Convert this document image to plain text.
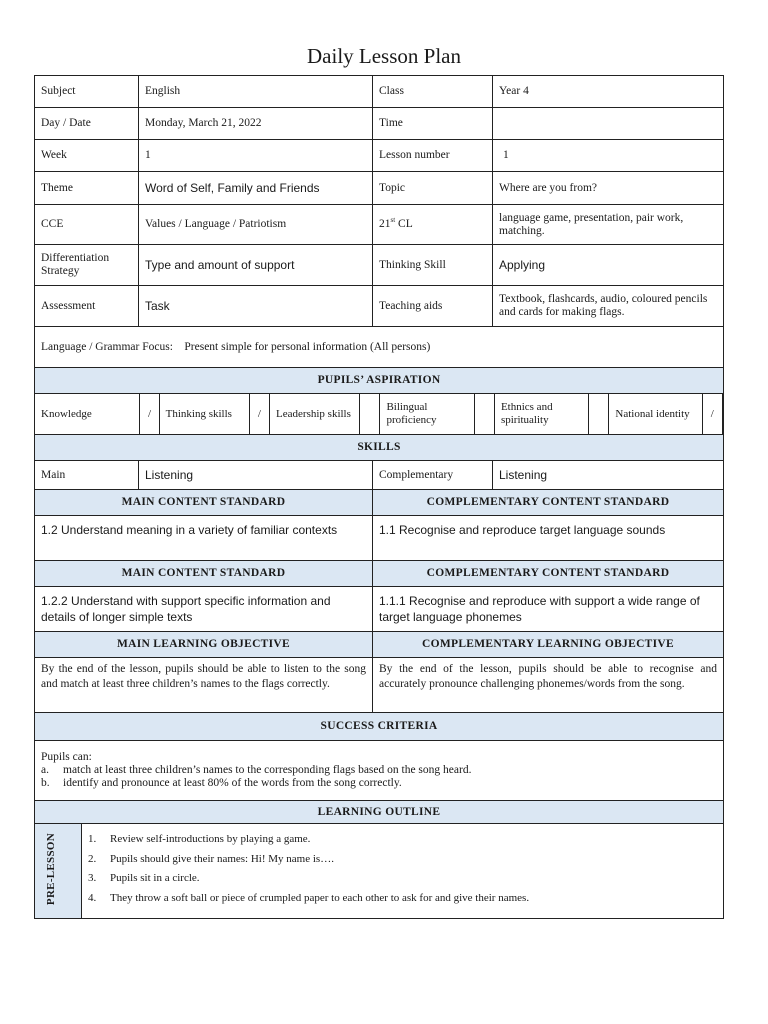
Daily Lesson Plan
Subject	English	Class	Year 4
Day / Date	Monday, March 21, 2022	Time	
Week	1	Lesson number	1
Theme	Word of Self, Family and Friends	Topic	Where are you from?
CCE	Values / Language / Patriotism	21st CL	language game, presentation, pair work, matching.
Differentiation Strategy	Type and amount of support	Thinking Skill	Applying
Assessment	Task	Teaching aids	Textbook, flashcards, audio, coloured pencils and cards for making flags.
Language / Grammar Focus: Present simple for personal information (All persons)
PUPILS’ ASPIRATION

Knowledge	/	Thinking skills	/	Leadership skills		Bilingual proficiency		Ethnics and spirituality		National identity	/

SKILLS
Main	Listening	Complementary	Listening
MAIN CONTENT STANDARD	COMPLEMENTARY CONTENT STANDARD
1.2 Understand meaning in a variety of familiar contexts	1.1 Recognise and reproduce target language sounds
MAIN CONTENT STANDARD	COMPLEMENTARY CONTENT STANDARD
1.2.2 Understand with support specific information and details of longer simple texts	1.1.1 Recognise and reproduce with support a wide range of target language phonemes
MAIN LEARNING OBJECTIVE	COMPLEMENTARY LEARNING OBJECTIVE
By the end of the lesson, pupils should be able to listen to the song and match at least three children’s names to the flags correctly.	By the end of the lesson, pupils should be able to recognise and accurately pronounce challenging phonemes/words from the song.
SUCCESS CRITERIA

Pupils can:
a. match at least three children’s names to the corresponding flags based on the song heard.
b. identify and pronounce at least 80% of the words from the song correctly.

LEARNING OUTLINE

PRE-LESSON	1. Review self-introductions by playing a game.
2. Pupils should give their names: Hi! My name is….
3. Pupils sit in a circle.
4. They throw a soft ball or piece of crumpled paper to each other to ask for and give their names.
